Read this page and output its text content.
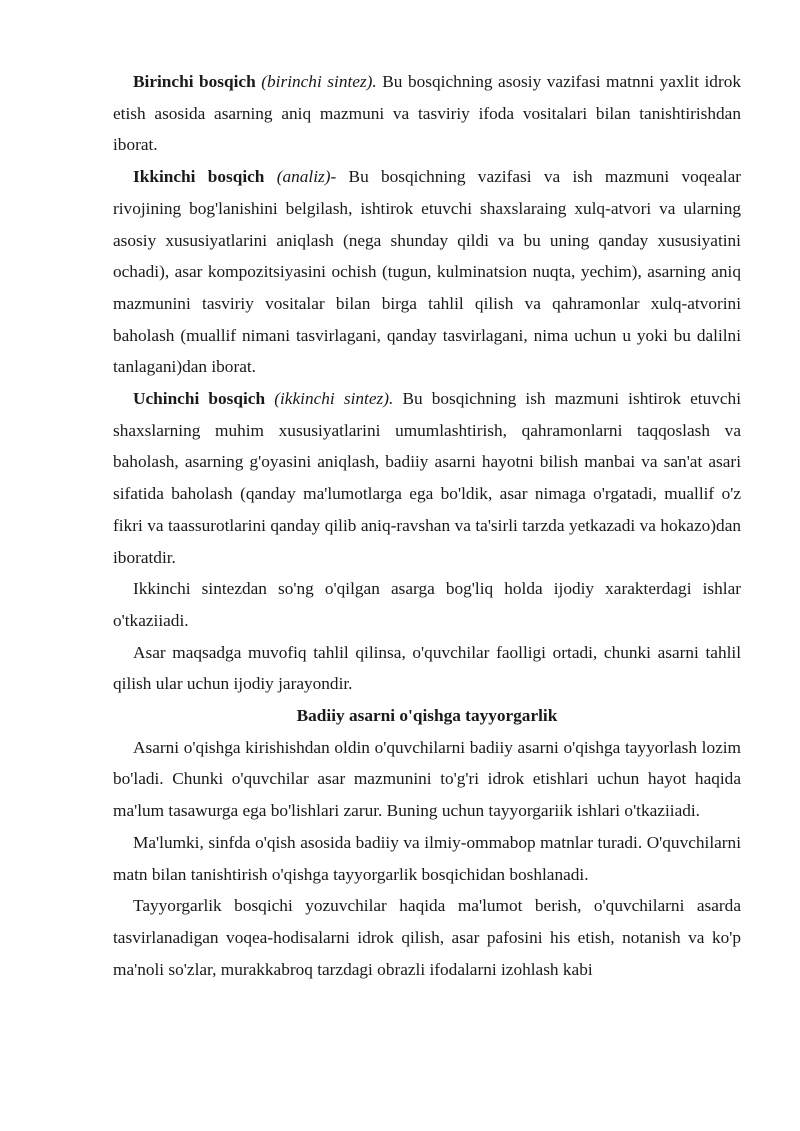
Birinchi bosqich (birinchi sintez). Bu bosqichning asosiy vazifasi matnni yaxlit idrok etish asosida asarning aniq mazmuni va tasviriy ifoda vositalari bilan tanishtirishdan iborat.

Ikkinchi bosqich (analiz)- Bu bosqichning vazifasi va ish mazmuni voqealar rivojining bog'lanishini belgilash, ishtirok etuvchi shaxslaraing xulq-atvori va ularning asosiy xususiyatlarini aniqlash (nega shunday qildi va bu uning qanday xususiyatini ochadi), asar kompozitsiyasini ochish (tugun, kulminatsion nuqta, yechim), asarning aniq mazmunini tasviriy vositalar bilan birga tahlil qilish va qahramonlar xulq-atvorini baholash (muallif nimani tasvirlagani, qanday tasvirlagani, nima uchun u yoki bu dalilni tanlagani)dan iborat.

Uchinchi bosqich (ikkinchi sintez). Bu bosqichning ish mazmuni ishtirok etuvchi shaxslarning muhim xususiyatlarini umumlashtirish, qahramonlarni taqqoslash va baholash, asarning g'oyasini aniqlash, badiiy asarni hayotni bilish manbai va san'at asari sifatida baholash (qanday ma'lumotlarga ega bo'ldik, asar nimaga o'rgatadi, muallif o'z fikri va taassurotlarini qanday qilib aniq-ravshan va ta'sirli tarzda yetkazadi va hokazo)dan iboratdir.

Ikkinchi sintezdan so'ng o'qilgan asarga bog'liq holda ijodiy xarakterdagi ishlar o'tkaziiadi.

Asar maqsadga muvofiq tahlil qilinsa, o'quvchilar faolligi ortadi, chunki asarni tahlil qilish ular uchun ijodiy jarayondir.

Badiiy asarni o'qishga tayyorgarlik

Asarni o'qishga kirishishdan oldin o'quvchilarni badiiy asarni o'qishga tayyorlash lozim bo'ladi. Chunki o'quvchilar asar mazmunini to'g'ri idrok etishlari uchun hayot haqida ma'lum tasawurga ega bo'lishlari zarur. Buning uchun tayyorgariik ishlari o'tkaziiadi.

Ma'lumki, sinfda o'qish asosida badiiy va ilmiy-ommabop matnlar turadi. O'quvchilarni matn bilan tanishtirish o'qishga tayyorgarlik bosqichidan boshlanadi.

Tayyorgarlik bosqichi yozuvchilar haqida ma'lumot berish, o'quvchilarni asarda tasvirlanadigan voqea-hodisalarni idrok qilish, asar pafosini his etish, notanish va ko'p ma'noli so'zlar, murakkabroq tarzdagi obrazli ifodalarni izohlash kabi
